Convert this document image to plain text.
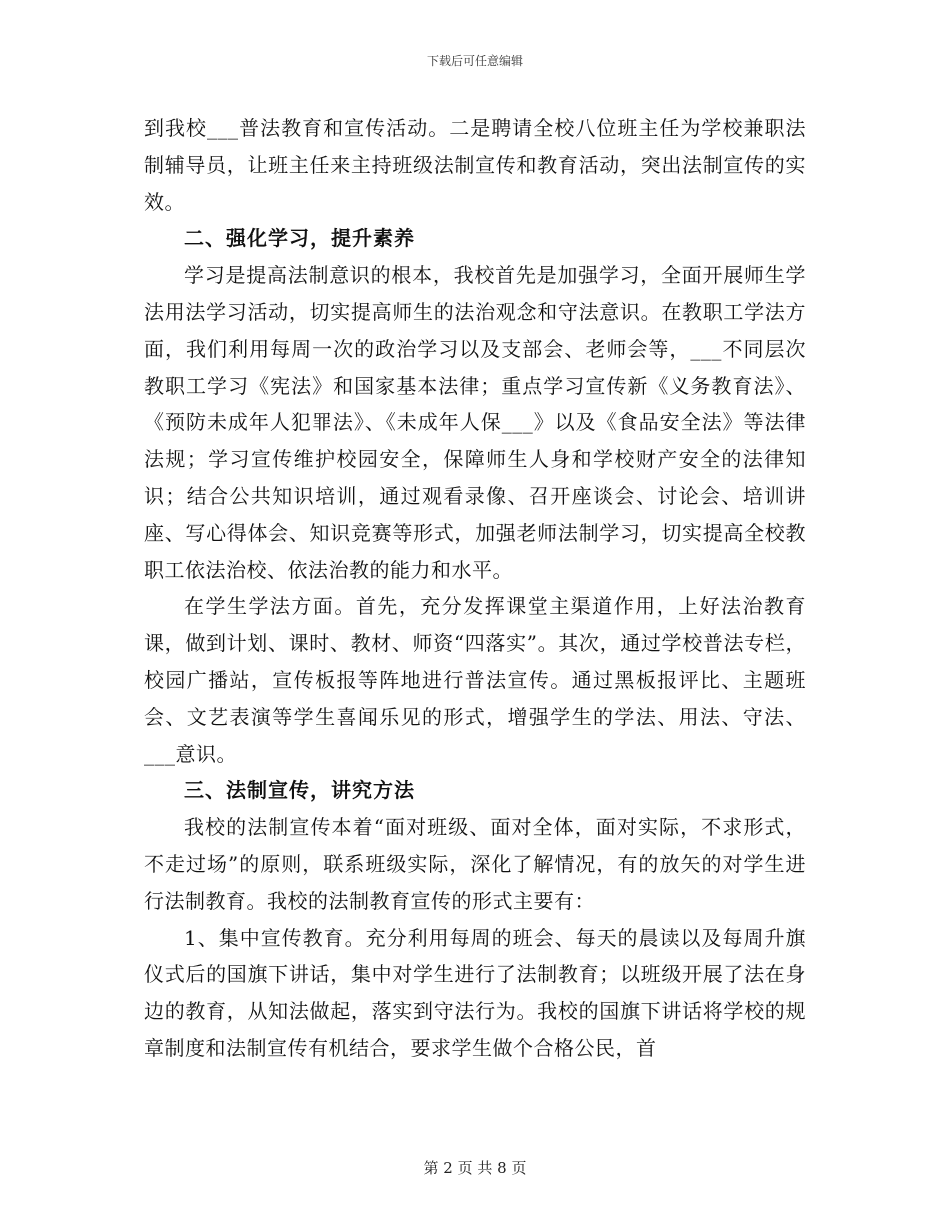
下载后可任意编辑

到我校___普法教育和宣传活动。二是聘请全校八位班主任为学校兼职法制辅导员，让班主任来主持班级法制宣传和教育活动，突出法制宣传的实效。

二、强化学习，提升素养

学习是提高法制意识的根本，我校首先是加强学习，全面开展师生学法用法学习活动，切实提高师生的法治观念和守法意识。在教职工学法方面，我们利用每周一次的政治学习以及支部会、老师会等，___不同层次教职工学习《宪法》和国家基本法律；重点学习宣传新《义务教育法》、《预防未成年人犯罪法》、《未成年人保___》以及《食品安全法》等法律法规；学习宣传维护校园安全，保障师生人身和学校财产安全的法律知识；结合公共知识培训，通过观看录像、召开座谈会、讨论会、培训讲座、写心得体会、知识竞赛等形式，加强老师法制学习，切实提高全校教职工依法治校、依法治教的能力和水平。

在学生学法方面。首先，充分发挥课堂主渠道作用，上好法治教育课，做到计划、课时、教材、师资“四落实”。其次，通过学校普法专栏，校园广播站，宣传板报等阵地进行普法宣传。通过黑板报评比、主题班会、文艺表演等学生喜闻乐见的形式，增强学生的学法、用法、守法、___意识。

三、法制宣传，讲究方法

我校的法制宣传本着“面对班级、面对全体，面对实际，不求形式，不走过场”的原则，联系班级实际，深化了解情况，有的放矢的对学生进行法制教育。我校的法制教育宣传的形式主要有：

1、集中宣传教育。充分利用每周的班会、每天的晨读以及每周升旗仪式后的国旗下讲话，集中对学生进行了法制教育；以班级开展了法在身边的教育，从知法做起，落实到守法行为。我校的国旗下讲话将学校的规章制度和法制宣传有机结合，要求学生做个合格公民，首

第 2 页 共 8 页
